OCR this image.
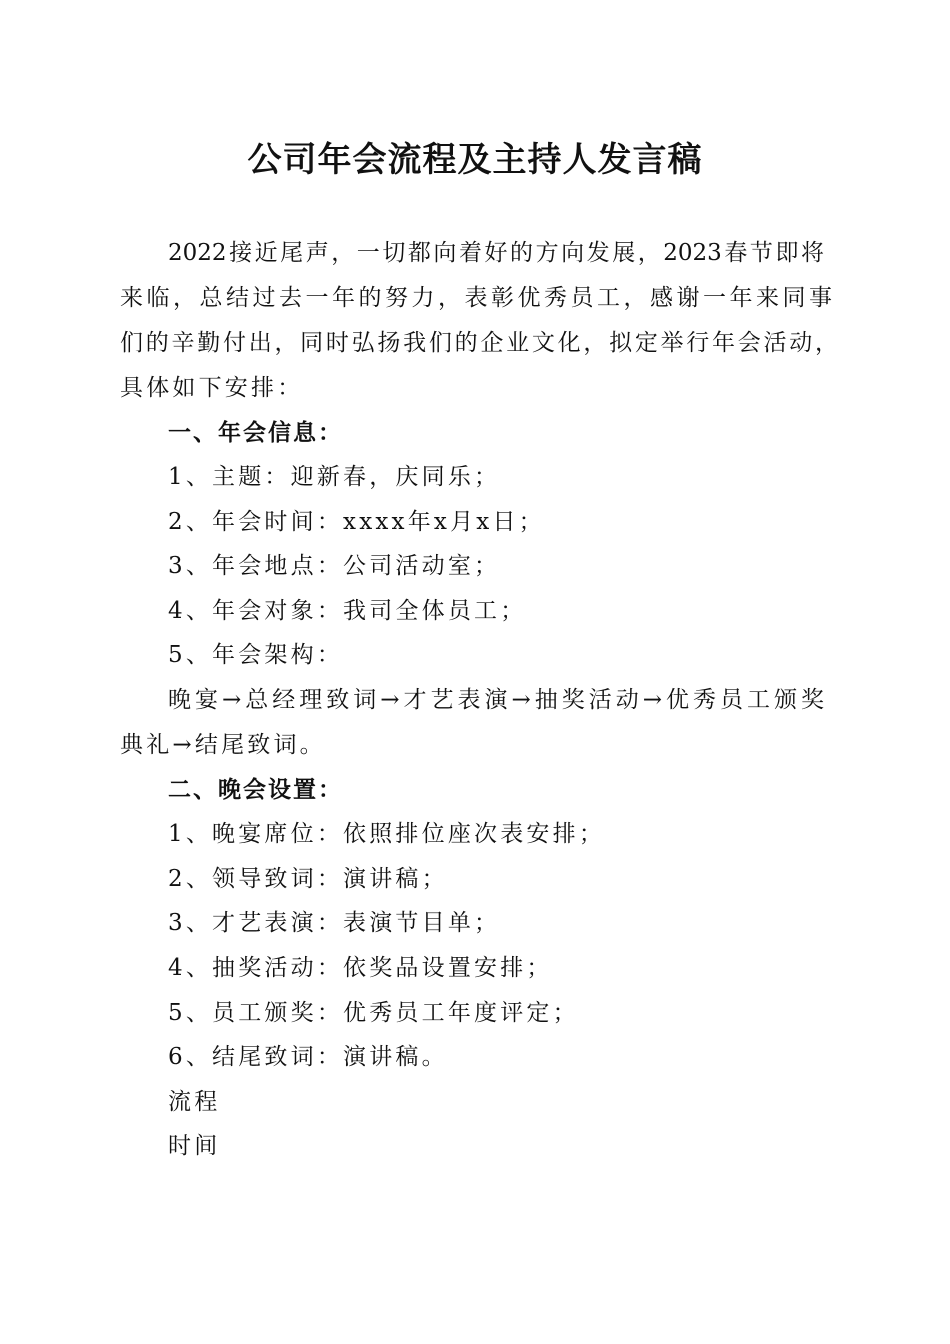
公司年会流程及主持人发言稿
2022接近尾声，一切都向着好的方向发展，2023春节即将
来临，总结过去一年的努力，表彰优秀员工，感谢一年来同事
们的辛勤付出，同时弘扬我们的企业文化，拟定举行年会活动，
具体如下安排：
一、年会信息：
1、主题：迎新春，庆同乐；
2、年会时间：xxxx年x月x日；
3、年会地点：公司活动室；
4、年会对象：我司全体员工；
5、年会架构：
晚宴→总经理致词→才艺表演→抽奖活动→优秀员工颁奖
典礼→结尾致词。
二、晚会设置：
1、晚宴席位：依照排位座次表安排；
2、领导致词：演讲稿；
3、才艺表演：表演节目单；
4、抽奖活动：依奖品设置安排；
5、员工颁奖：优秀员工年度评定；
6、结尾致词：演讲稿。
流程
时间
